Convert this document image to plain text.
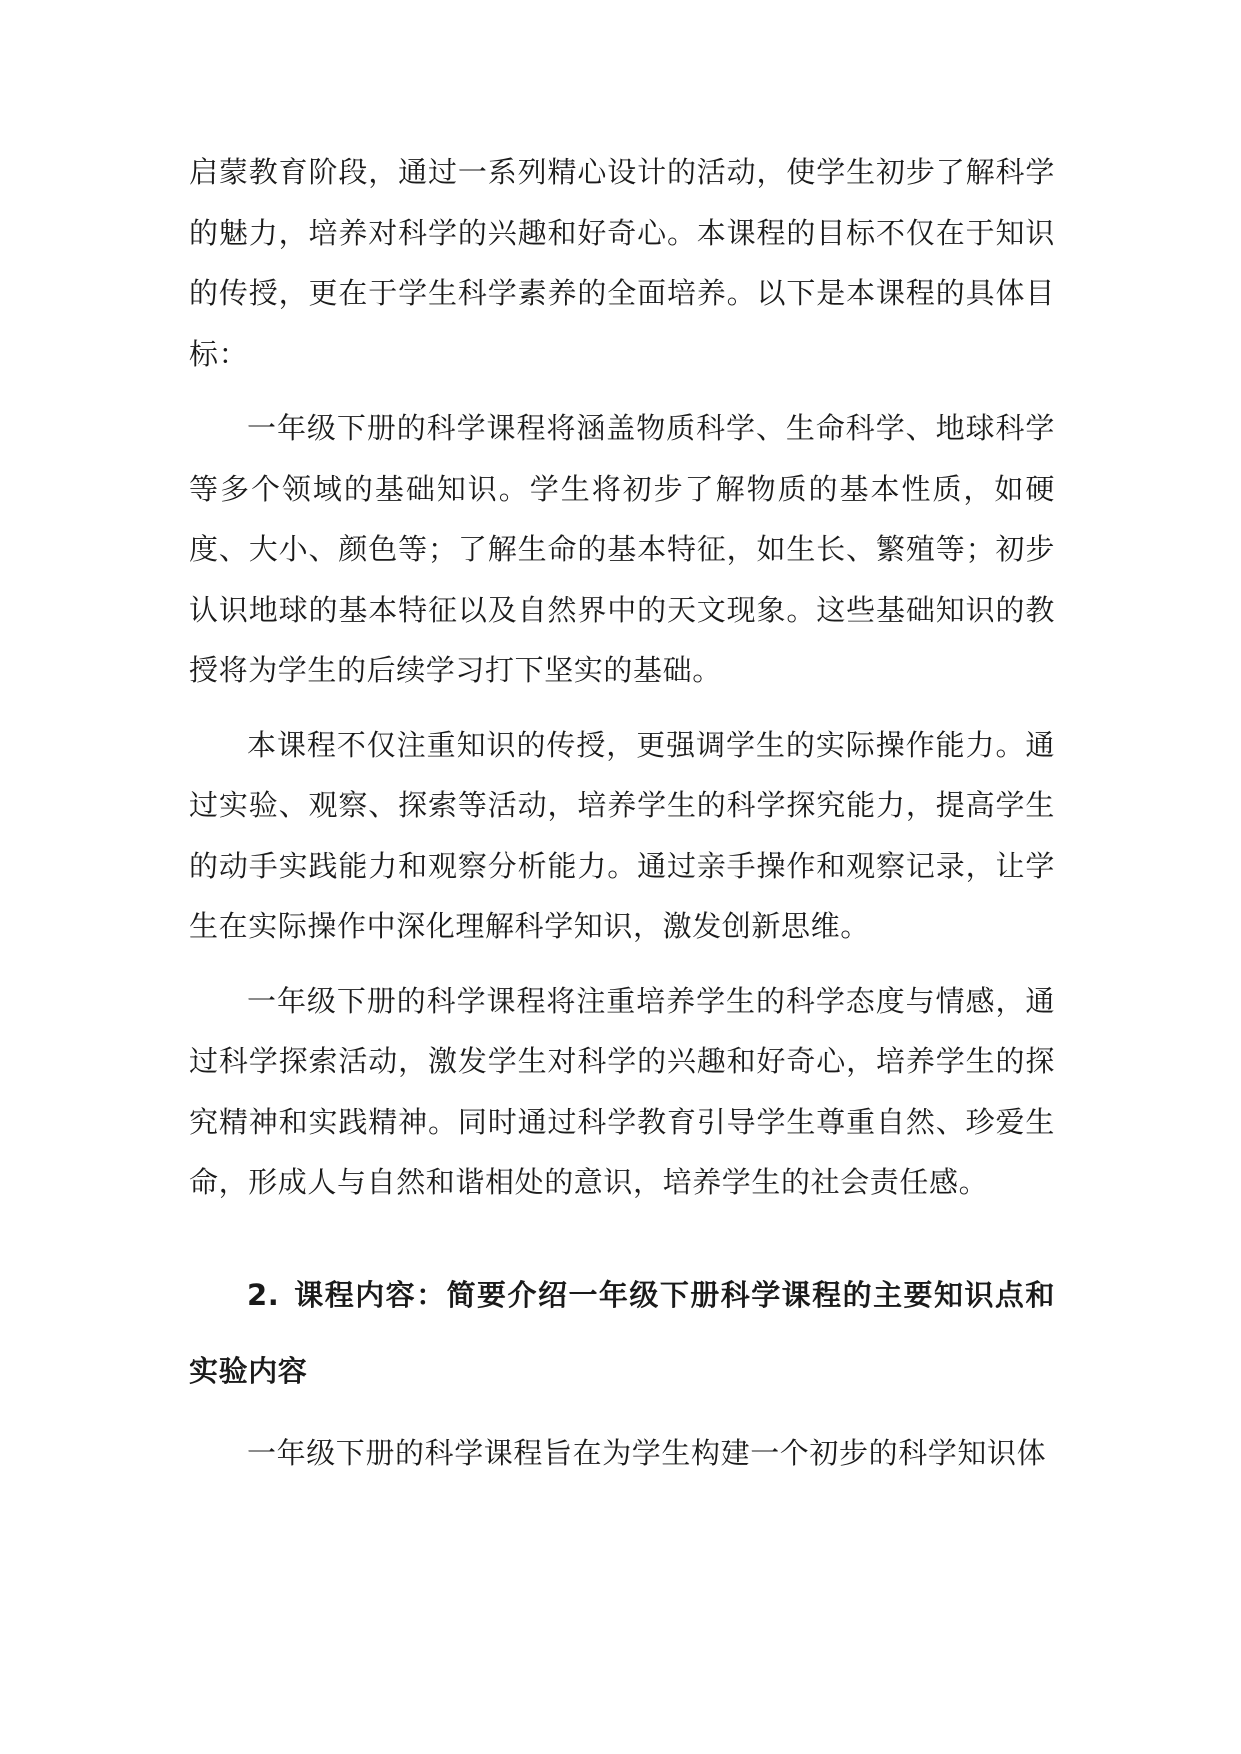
启蒙教育阶段，通过一系列精心设计的活动，使学生初步了解科学的魅力，培养对科学的兴趣和好奇心。本课程的目标不仅在于知识的传授，更在于学生科学素养的全面培养。以下是本课程的具体目标：

一年级下册的科学课程将涵盖物质科学、生命科学、地球科学等多个领域的基础知识。学生将初步了解物质的基本性质，如硬度、大小、颜色等；了解生命的基本特征，如生长、繁殖等；初步认识地球的基本特征以及自然界中的天文现象。这些基础知识的教授将为学生的后续学习打下坚实的基础。

本课程不仅注重知识的传授，更强调学生的实际操作能力。通过实验、观察、探索等活动，培养学生的科学探究能力，提高学生的动手实践能力和观察分析能力。通过亲手操作和观察记录，让学生在实际操作中深化理解科学知识，激发创新思维。

一年级下册的科学课程将注重培养学生的科学态度与情感，通过科学探索活动，激发学生对科学的兴趣和好奇心，培养学生的探究精神和实践精神。同时通过科学教育引导学生尊重自然、珍爱生命，形成人与自然和谐相处的意识，培养学生的社会责任感。

2. 课程内容：简要介绍一年级下册科学课程的主要知识点和实验内容

一年级下册的科学课程旨在为学生构建一个初步的科学知识体
